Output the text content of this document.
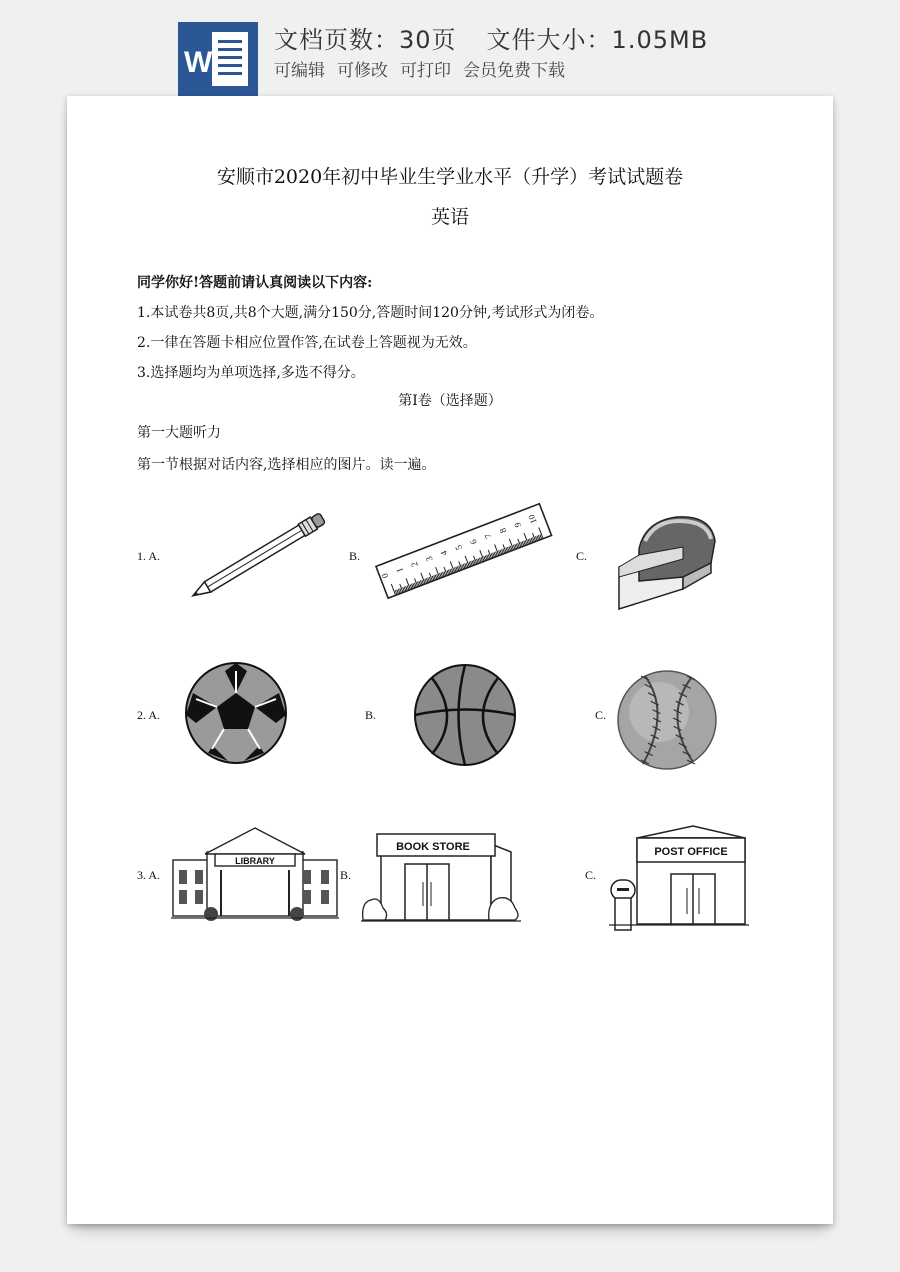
W
文档页数：30页 文件大小：1.05MB
可编辑 可修改 可打印 会员免费下载
安顺市2020年初中毕业生学业水平（升学）考试试题卷
英语
同学你好!答题前请认真阅读以下内容:
1.本试卷共8页,共8个大题,满分150分,答题时间120分钟,考试形式为闭卷。
2.一律在答题卡相应位置作答,在试卷上答题视为无效。
3.选择题均为单项选择,多选不得分。
第Ⅰ卷（选择题）
第一大题听力
第一节根据对话内容,选择相应的图片。读一遍。
1. A.	B.
0
1
2
3
4
5
6
7
8
9 10
C.
2. A.	B.	C.
3. A.
LIBRARY
B.
BOOK STORE
C.
POST OFFICE
